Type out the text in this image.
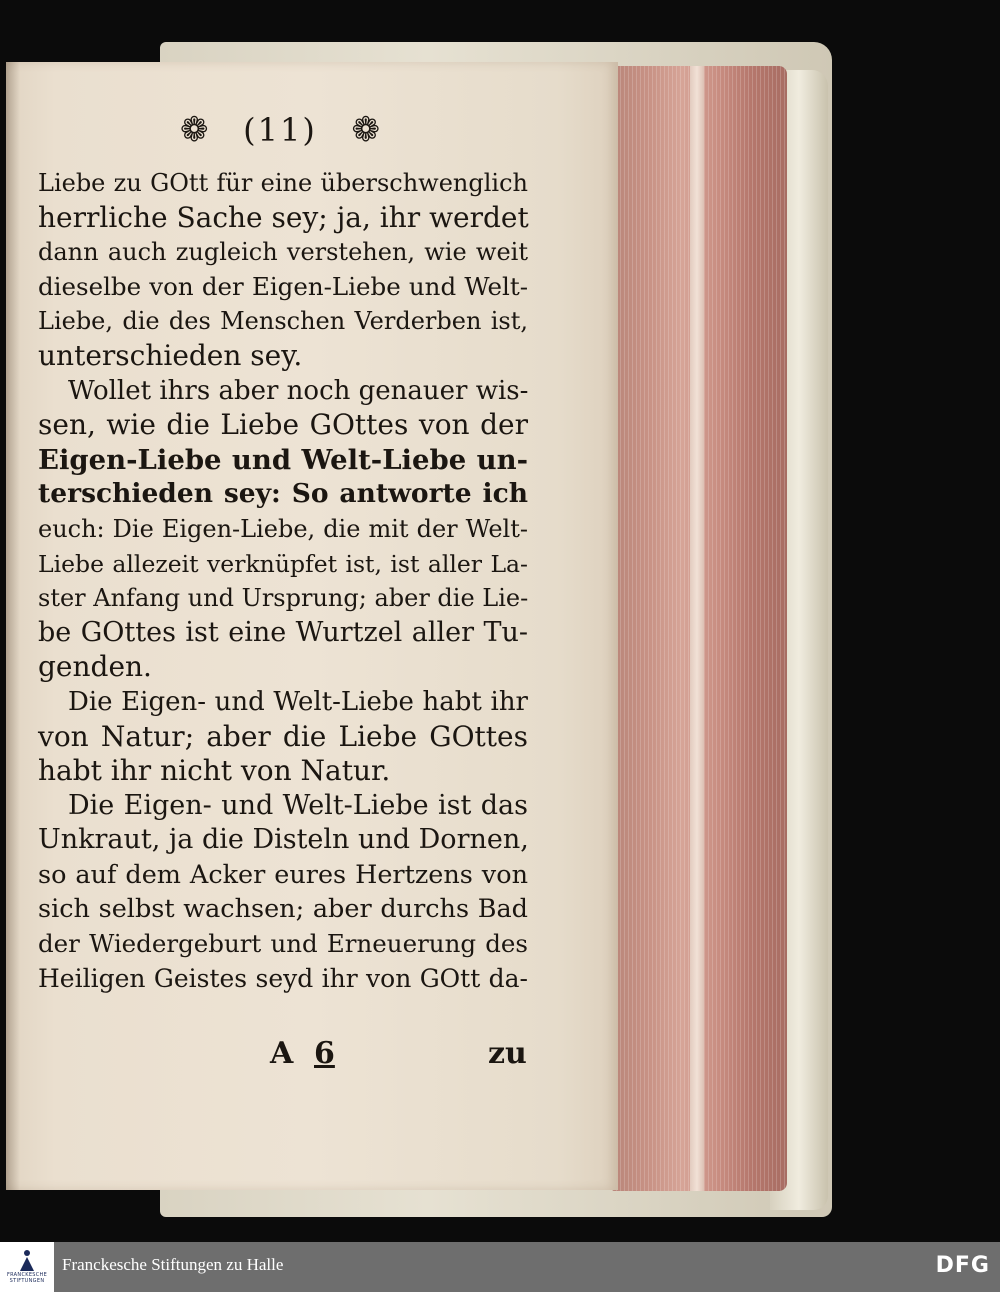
❁ (11) ❁
Liebe zu GOtt für eine überschwenglich
herrliche Sache sey; ja, ihr werdet
dann auch zugleich verstehen, wie weit
dieselbe von der Eigen-Liebe und Welt-
Liebe, die des Menschen Verderben ist,
unterschieden sey.
Wollet ihrs aber noch genauer wis-
sen, wie die Liebe GOttes von der
Eigen-Liebe und Welt-Liebe un-
terschieden sey: So antworte ich
euch: Die Eigen-Liebe, die mit der Welt-
Liebe allezeit verknüpfet ist, ist aller La-
ster Anfang und Ursprung; aber die Lie-
be GOttes ist eine Wurtzel aller Tu-
genden.
Die Eigen- und Welt-Liebe habt ihr
von Natur; aber die Liebe GOttes
habt ihr nicht von Natur.
Die Eigen- und Welt-Liebe ist das
Unkraut, ja die Disteln und Dornen,
so auf dem Acker eures Hertzens von
sich selbst wachsen; aber durchs Bad
der Wiedergeburt und Erneuerung des
Heiligen Geistes seyd ihr von GOtt da-
A 6	zu
FRANCKESCHE
STIFTUNGEN
Franckesche Stiftungen zu Halle	DFG
